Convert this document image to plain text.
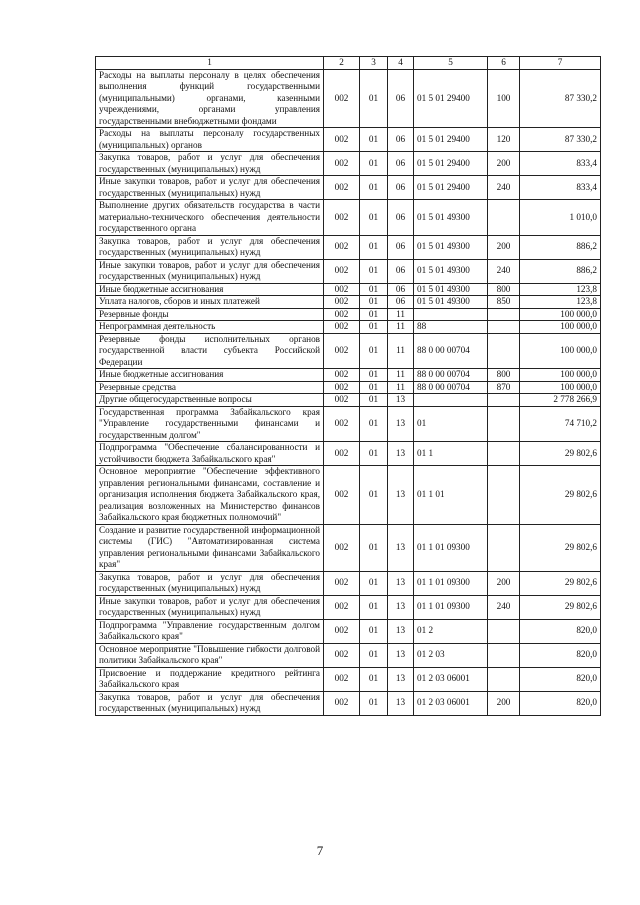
1	2	3	4	5	6	7
Расходы на выплаты персоналу в целях обеспечения выполнения функций государственными (муниципальными) органами, казенными учреждениями, органами управления государственными внебюджетными фондами	002	01	06	01 5 01 29400	100	87 330,2
Расходы на выплаты персоналу государственных (муниципальных) органов	002	01	06	01 5 01 29400	120	87 330,2
Закупка товаров, работ и услуг для обеспечения государственных (муниципальных) нужд	002	01	06	01 5 01 29400	200	833,4
Иные закупки товаров, работ и услуг для обеспечения государственных (муниципальных) нужд	002	01	06	01 5 01 29400	240	833,4
Выполнение других обязательств государства в части материально-технического обеспечения деятельности государственного органа	002	01	06	01 5 01 49300		1 010,0
Закупка товаров, работ и услуг для обеспечения государственных (муниципальных) нужд	002	01	06	01 5 01 49300	200	886,2
Иные закупки товаров, работ и услуг для обеспечения государственных (муниципальных) нужд	002	01	06	01 5 01 49300	240	886,2
Иные бюджетные ассигнования	002	01	06	01 5 01 49300	800	123,8
Уплата налогов, сборов и иных платежей	002	01	06	01 5 01 49300	850	123,8
Резервные фонды	002	01	11			100 000,0
Непрограммная деятельность	002	01	11	88		100 000,0
Резервные фонды исполнительных органов государственной власти субъекта Российской Федерации	002	01	11	88 0 00 00704		100 000,0
Иные бюджетные ассигнования	002	01	11	88 0 00 00704	800	100 000,0
Резервные средства	002	01	11	88 0 00 00704	870	100 000,0
Другие общегосударственные вопросы	002	01	13			2 778 266,9
Государственная программа Забайкальского края "Управление государственными финансами и государственным долгом"	002	01	13	01		74 710,2
Подпрограмма "Обеспечение сбалансированности и устойчивости бюджета Забайкальского края"	002	01	13	01 1		29 802,6
Основное мероприятие "Обеспечение эффективного управления региональными финансами, составление и организация исполнения бюджета Забайкальского края, реализация возложенных на Министерство финансов Забайкальского края бюджетных полномочий"	002	01	13	01 1 01		29 802,6
Создание и развитие государственной информационной системы (ГИС) "Автоматизированная система управления региональными финансами Забайкальского края"	002	01	13	01 1 01 09300		29 802,6
Закупка товаров, работ и услуг для обеспечения государственных (муниципальных) нужд	002	01	13	01 1 01 09300	200	29 802,6
Иные закупки товаров, работ и услуг для обеспечения государственных (муниципальных) нужд	002	01	13	01 1 01 09300	240	29 802,6
Подпрограмма "Управление государственным долгом Забайкальского края"	002	01	13	01 2		820,0
Основное мероприятие "Повышение гибкости долговой политики Забайкальского края"	002	01	13	01 2 03		820,0
Присвоение и поддержание кредитного рейтинга Забайкальского края	002	01	13	01 2 03 06001		820,0
Закупка товаров, работ и услуг для обеспечения государственных (муниципальных) нужд	002	01	13	01 2 03 06001	200	820,0
7
